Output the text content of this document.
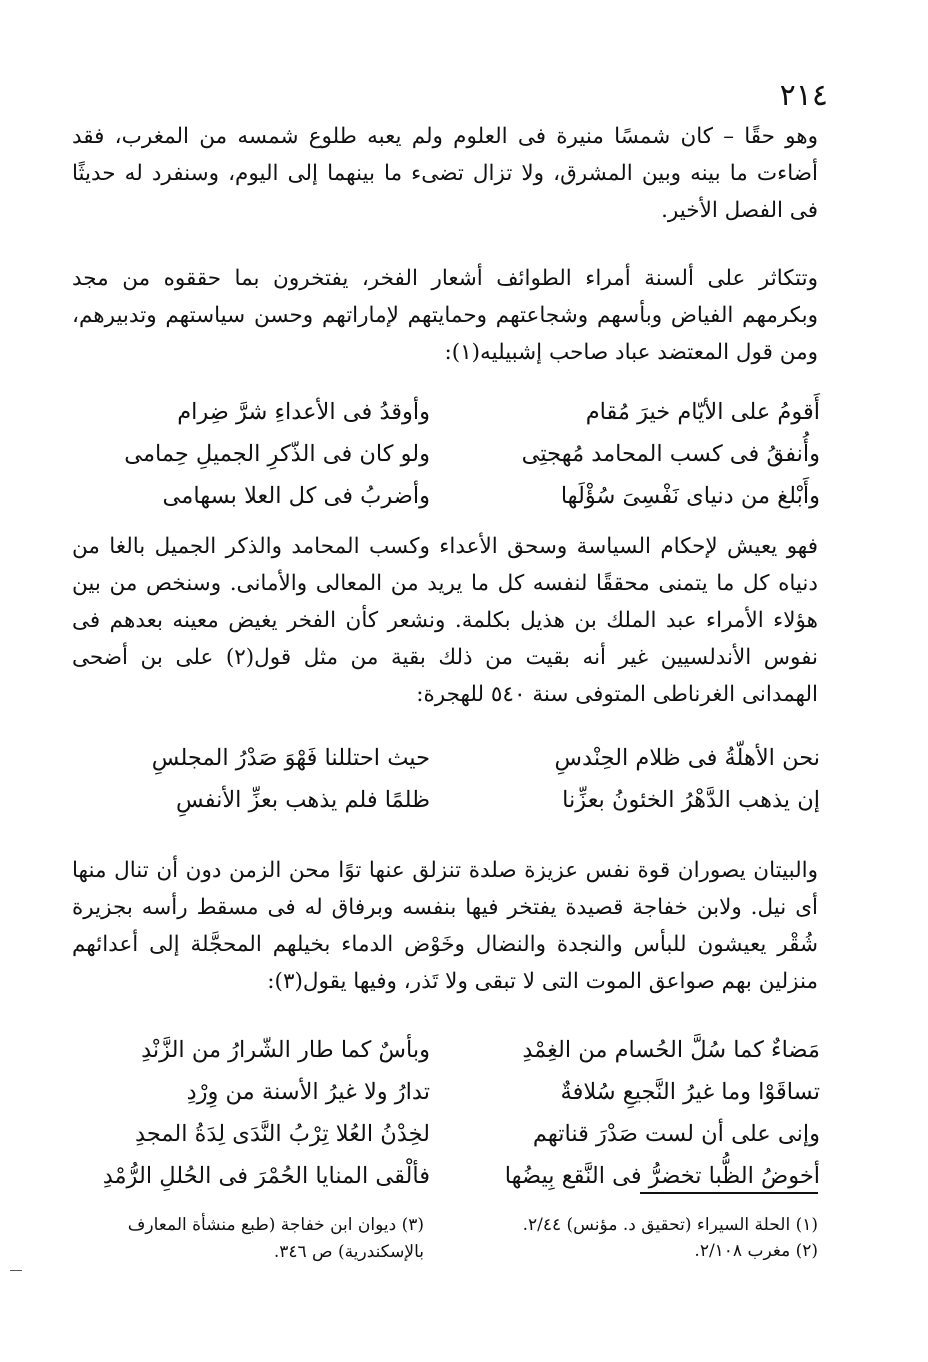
٢١٤
وهو حقًا – كان شمسًا منيرة فى العلوم ولم يعبه طلوع شمسه من المغرب، فقد أضاءت ما بينه وبين المشرق، ولا تزال تضىء ما بينهما إلى اليوم، وسنفرد له حديثًا فى الفصل الأخير.
وتتكاثر على ألسنة أمراء الطوائف أشعار الفخر، يفتخرون بما حققوه من مجد وبكرمهم الفياض وبأسهم وشجاعتهم وحمايتهم لإماراتهم وحسن سياستهم وتدبيرهم، ومن قول المعتضد عباد صاحب إشبيليه(١):
أَقومُ على الأيّام خيرَ مُقام
وأوقدُ فى الأعداءِ شرَّ ضِرام
وأُنفقُ فى كسب المحامد مُهجتِى
ولو كان فى الذّكرِ الجميلِ حِمامى
وأَبْلغ من دنياى نَفْسِىَ سُؤْلَها
وأضربُ فى كل العلا بسهامى
فهو يعيش لإحكام السياسة وسحق الأعداء وكسب المحامد والذكر الجميل بالغا من دنياه كل ما يتمنى محققًا لنفسه كل ما يريد من المعالى والأمانى. وسنخص من بين هؤلاء الأمراء عبد الملك بن هذيل بكلمة. ونشعر كأن الفخر يغيض معينه بعدهم فى نفوس الأندلسيين غير أنه بقيت من ذلك بقية من مثل قول(٢) على بن أضحى الهمدانى الغرناطى المتوفى سنة ٥٤٠ للهجرة:
نحن الأهلّةُ فى ظلام الحِنْدسِ
حيث احتللنا فَهْوَ صَدْرُ المجلسِ
إن يذهب الدَّهْرُ الخئونُ بعزِّنا
ظلمًا فلم يذهب بعزِّ الأنفسِ
والبيتان يصوران قوة نفس عزيزة صلدة تنزلق عنها توًا محن الزمن دون أن تنال منها أى نيل. ولابن خفاجة قصيدة يفتخر فيها بنفسه وبرفاق له فى مسقط رأسه بجزيرة شُقْر يعيشون للبأس والنجدة والنضال وخَوْض الدماء بخيلهم المحجَّلة إلى أعدائهم منزلين بهم صواعق الموت التى لا تبقى ولا تَذر، وفيها يقول(٣):
مَضاءٌ كما سُلَّ الحُسام من الغِمْدِ
وبأسٌ كما طار الشّرارُ من الزَّنْدِ
تساقَوْا وما غيرُ النَّجيعِ سُلافةٌ
تدارُ ولا غيرُ الأسنة من وِرْدِ
وإنى على أن لست صَدْرَ قناتهم
لخِدْنُ العُلا تِرْبُ النَّدَى لِدَةُ المجدِ
أخوضُ الظُّبا تخضرُّ فى النَّقع بِيضُها
فألْقى المنايا الحُمْرَ فى الحُللِ الرُّمْدِ
(١) الحلة السيراء (تحقيق د. مؤنس) ٢/٤٤.
(٢) مغرب ٢/١٠٨.
(٣) ديوان ابن خفاجة (طبع منشأة المعارف بالإسكندرية) ص ٣٤٦.
